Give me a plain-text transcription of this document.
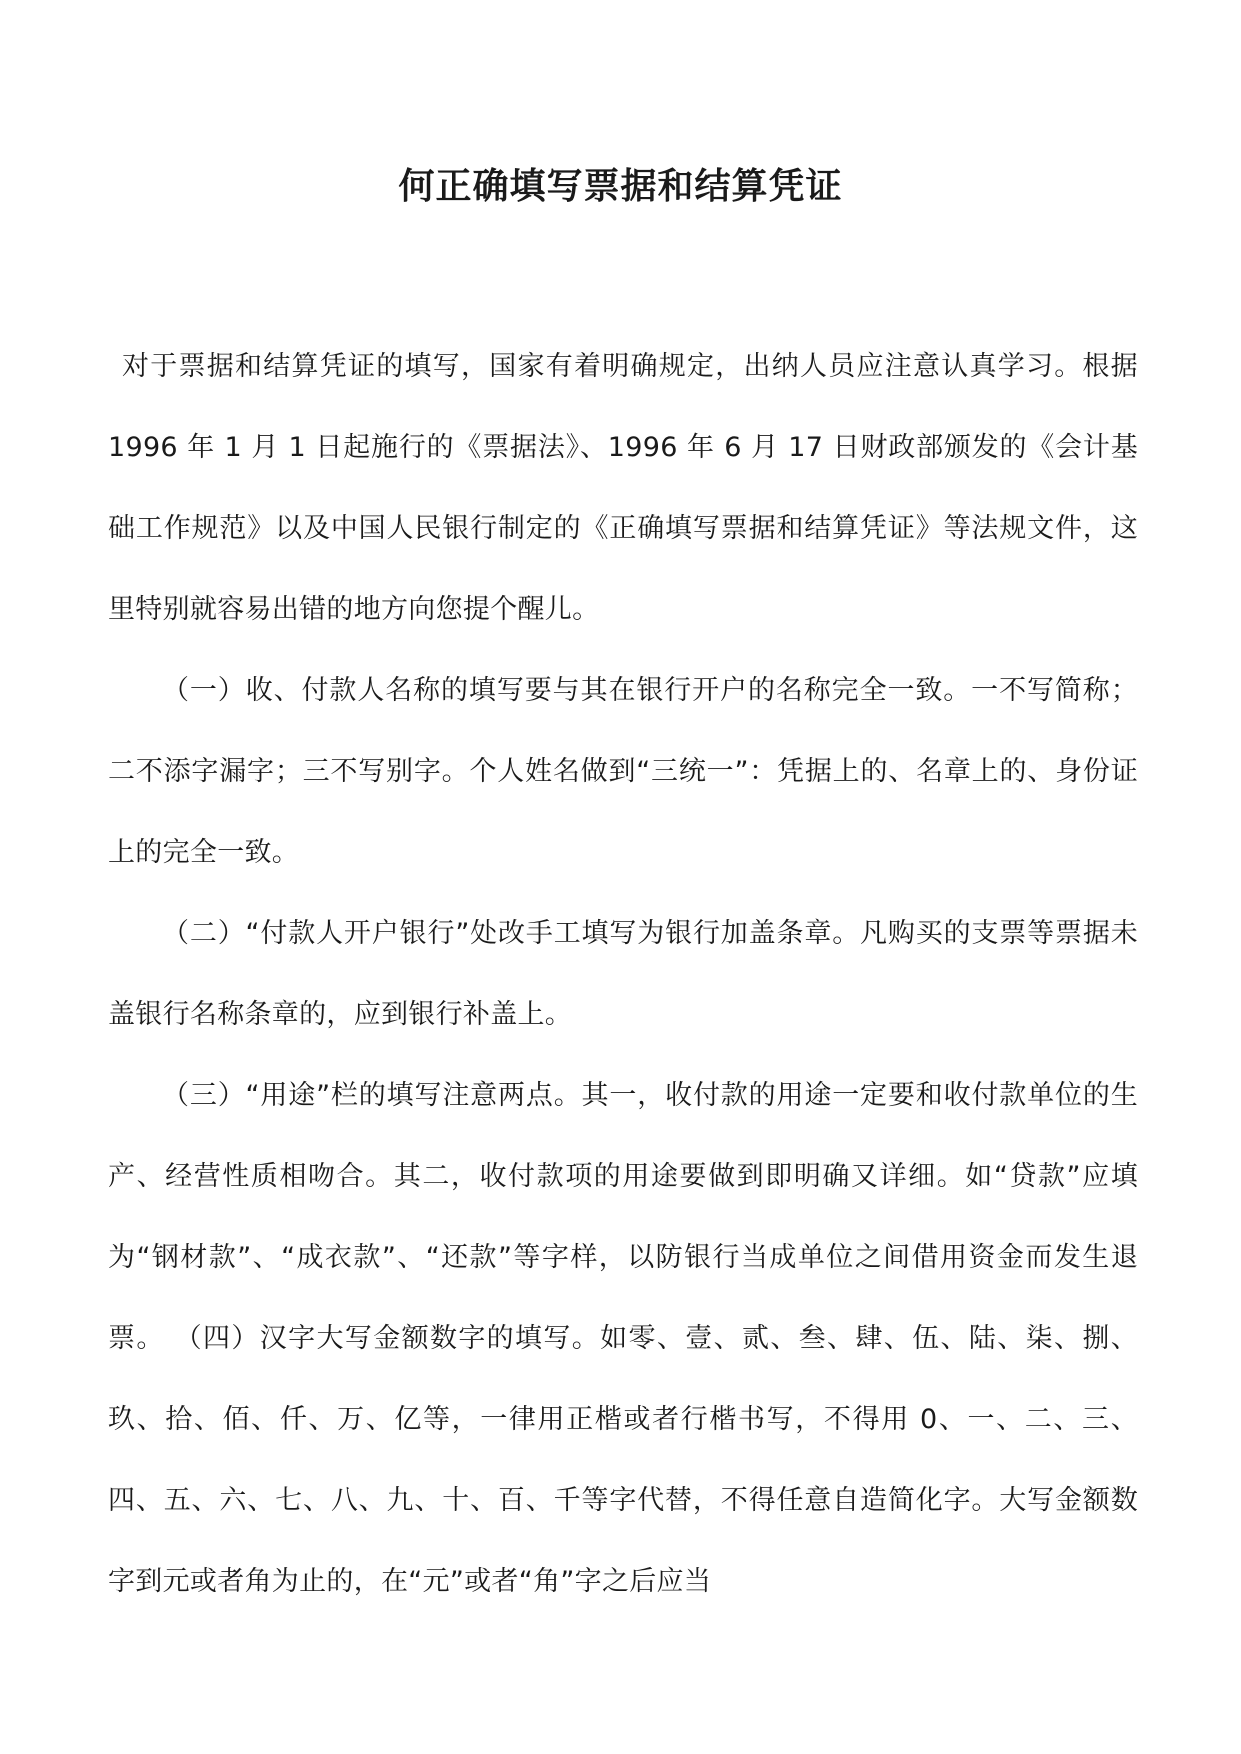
何正确填写票据和结算凭证

对于票据和结算凭证的填写，国家有着明确规定，出纳人员应注意认真学习。根据 1996 年 1 月 1 日起施行的《票据法》、1996 年 6 月 17 日财政部颁发的《会计基础工作规范》以及中国人民银行制定的《正确填写票据和结算凭证》等法规文件，这里特别就容易出错的地方向您提个醒儿。

（一）收、付款人名称的填写要与其在银行开户的名称完全一致。一不写简称；二不添字漏字；三不写别字。个人姓名做到“三统一”：凭据上的、名章上的、身份证上的完全一致。

（二）“付款人开户银行”处改手工填写为银行加盖条章。凡购买的支票等票据未盖银行名称条章的，应到银行补盖上。

（三）“用途”栏的填写注意两点。其一，收付款的用途一定要和收付款单位的生产、经营性质相吻合。其二，收付款项的用途要做到即明确又详细。如“贷款”应填为“钢材款”、“成衣款”、“还款”等字样，以防银行当成单位之间借用资金而发生退票。 （四）汉字大写金额数字的填写。如零、壹、贰、叁、肆、伍、陆、柒、捌、玖、拾、佰、仟、万、亿等，一律用正楷或者行楷书写，不得用 0、一、二、三、四、五、六、七、八、九、十、百、千等字代替，不得任意自造简化字。大写金额数字到元或者角为止的，在“元”或者“角”字之后应当
